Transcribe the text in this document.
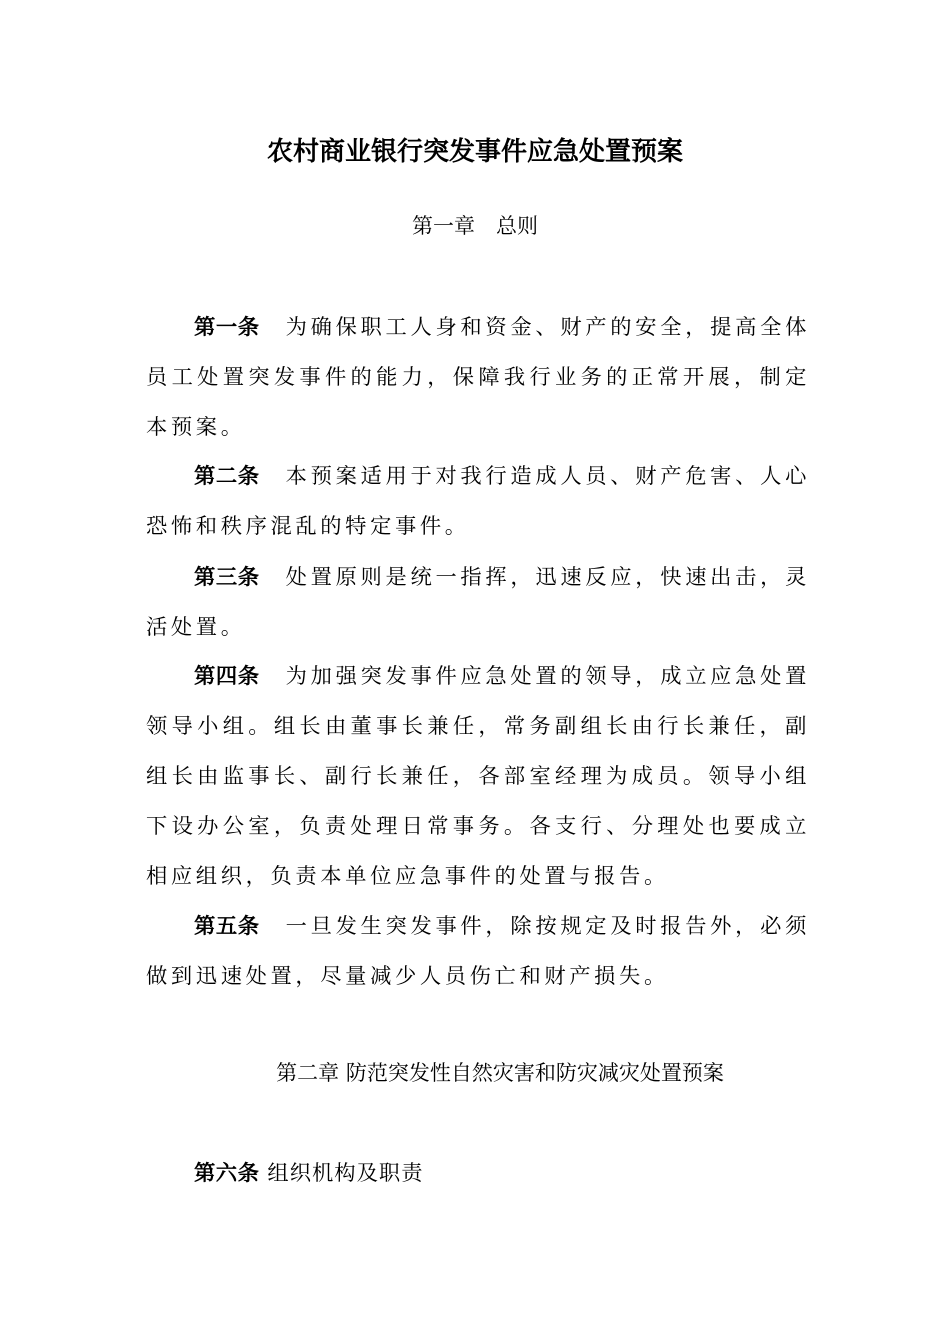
农村商业银行突发事件应急处置预案
第一章　总则

第一条 为确保职工人身和资金、财产的安全，提高全体员工处置突发事件的能力，保障我行业务的正常开展，制定本预案。

第二条 本预案适用于对我行造成人员、财产危害、人心恐怖和秩序混乱的特定事件。

第三条 处置原则是统一指挥，迅速反应，快速出击，灵活处置。

第四条 为加强突发事件应急处置的领导，成立应急处置领导小组。组长由董事长兼任，常务副组长由行长兼任，副组长由监事长、副行长兼任，各部室经理为成员。领导小组下设办公室，负责处理日常事务。各支行、分理处也要成立相应组织，负责本单位应急事件的处置与报告。

第五条 一旦发生突发事件，除按规定及时报告外，必须做到迅速处置，尽量减少人员伤亡和财产损失。

第二章 防范突发性自然灾害和防灾减灾处置预案

第六条 组织机构及职责
